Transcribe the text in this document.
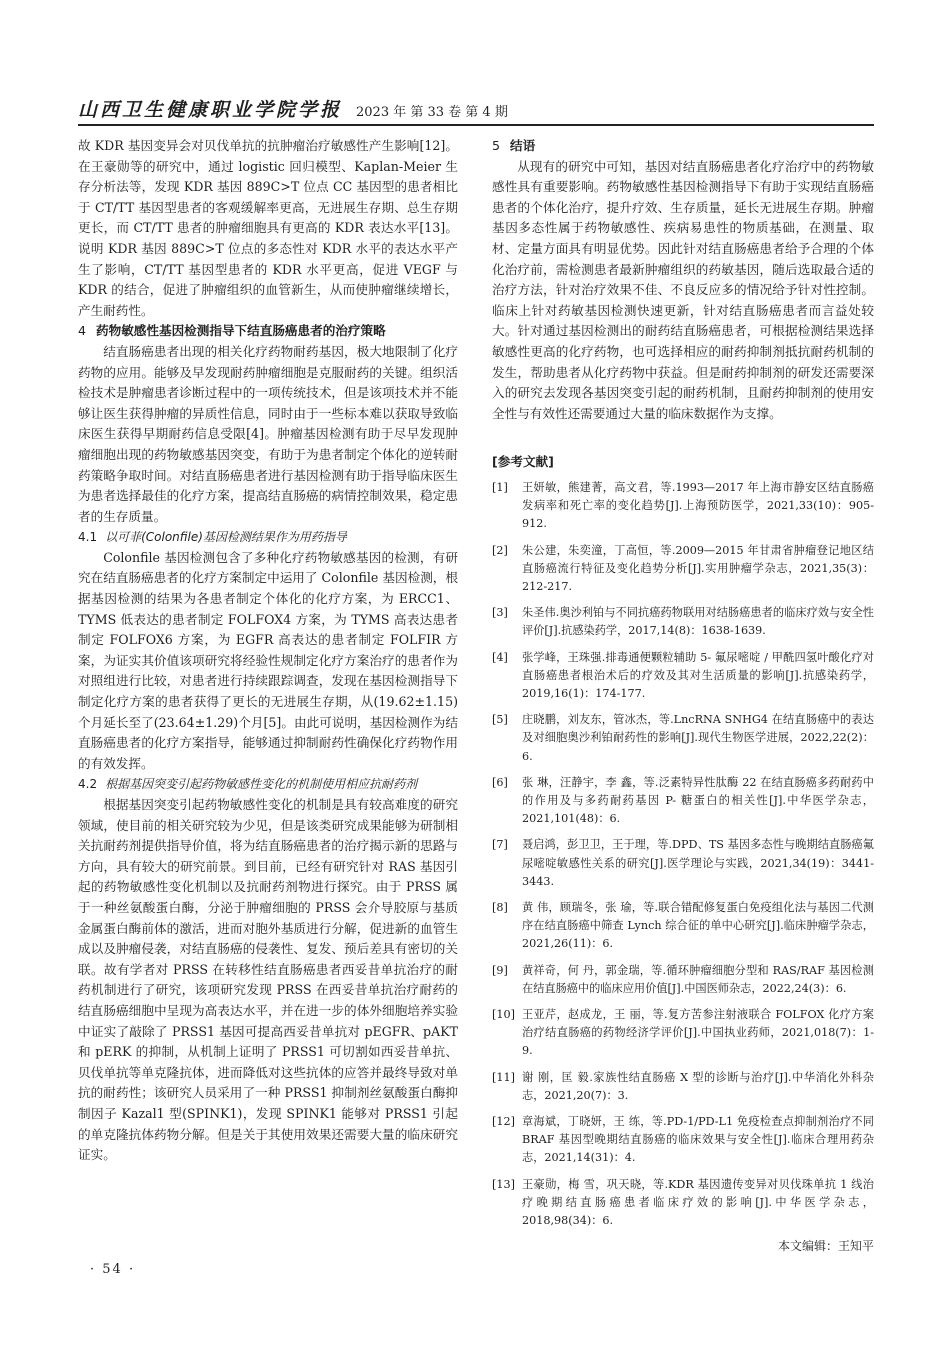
山西卫生健康职业学院学报 2023 年 第 33 卷 第 4 期

故 KDR 基因变异会对贝伐单抗的抗肿瘤治疗敏感性产生影响[12]。在王豪勋等的研究中，通过 logistic 回归模型、Kaplan-Meier 生存分析法等，发现 KDR 基因 889C>T 位点 CC 基因型的患者相比于 CT/TT 基因型患者的客观缓解率更高，无进展生存期、总生存期更长，而 CT/TT 患者的肿瘤细胞具有更高的 KDR 表达水平[13]。说明 KDR 基因 889C>T 位点的多态性对 KDR 水平的表达水平产生了影响，CT/TT 基因型患者的 KDR 水平更高，促进 VEGF 与 KDR 的结合，促进了肿瘤组织的血管新生，从而使肿瘤继续增长，产生耐药性。

4 药物敏感性基因检测指导下结直肠癌患者的治疗策略

结直肠癌患者出现的相关化疗药物耐药基因，极大地限制了化疗药物的应用。能够及早发现耐药肿瘤细胞是克服耐药的关键。组织活检技术是肿瘤患者诊断过程中的一项传统技术，但是该项技术并不能够让医生获得肿瘤的异质性信息，同时由于一些标本难以获取导致临床医生获得早期耐药信息受限[4]。肿瘤基因检测有助于尽早发现肿瘤细胞出现的药物敏感基因突变，有助于为患者制定个体化的逆转耐药策略争取时间。对结直肠癌患者进行基因检测有助于指导临床医生为患者选择最佳的化疗方案，提高结直肠癌的病情控制效果，稳定患者的生存质量。

4.1 以可菲(Colonfile)基因检测结果作为用药指导

Colonfile 基因检测包含了多种化疗药物敏感基因的检测，有研究在结直肠癌患者的化疗方案制定中运用了 Colonfile 基因检测，根据基因检测的结果为各患者制定个体化的化疗方案，为 ERCC1、TYMS 低表达的患者制定 FOLFOX4 方案，为 TYMS 高表达患者制定 FOLFOX6 方案，为 EGFR 高表达的患者制定 FOLFIR 方案，为证实其价值该项研究将经验性规制定化疗方案治疗的患者作为对照组进行比较，对患者进行持续跟踪调查，发现在基因检测指导下制定化疗方案的患者获得了更长的无进展生存期，从(19.62±1.15)个月延长至了(23.64±1.29)个月[5]。由此可说明，基因检测作为结直肠癌患者的化疗方案指导，能够通过抑制耐药性确保化疗药物作用的有效发挥。

4.2 根据基因突变引起药物敏感性变化的机制使用相应抗耐药剂

根据基因突变引起药物敏感性变化的机制是具有较高难度的研究领域，使目前的相关研究较为少见，但是该类研究成果能够为研制相关抗耐药剂提供指导价值，将为结直肠癌患者的治疗揭示新的思路与方向，具有较大的研究前景。到目前，已经有研究针对 RAS 基因引起的药物敏感性变化机制以及抗耐药剂物进行探究。由于 PRSS 属于一种丝氨酸蛋白酶，分泌于肿瘤细胞的 PRSS 会介导胶原与基质金属蛋白酶前体的激活，进而对胞外基质进行分解，促进新的血管生成以及肿瘤侵袭，对结直肠癌的侵袭性、复发、预后差具有密切的关联。故有学者对 PRSS 在转移性结直肠癌患者西妥昔单抗治疗的耐药机制进行了研究，该项研究发现 PRSS 在西妥昔单抗治疗耐药的结直肠癌细胞中呈现为高表达水平，并在进一步的体外细胞培养实验中证实了敲除了 PRSS1 基因可提高西妥昔单抗对 pEGFR、pAKT 和 pERK 的抑制，从机制上证明了 PRSS1 可切割如西妥昔单抗、贝伐单抗等单克隆抗体，进而降低对这些抗体的应答并最终导致对单抗的耐药性；该研究人员采用了一种 PRSS1 抑制剂丝氨酸蛋白酶抑制因子 Kazal1 型(SPINK1)，发现 SPINK1 能够对 PRSS1 引起的单克隆抗体药物分解。但是关于其使用效果还需要大量的临床研究证实。

5 结语

从现有的研究中可知，基因对结直肠癌患者化疗治疗中的药物敏感性具有重要影响。药物敏感性基因检测指导下有助于实现结直肠癌患者的个体化治疗，提升疗效、生存质量，延长无进展生存期。肿瘤基因多态性属于药物敏感性、疾病易患性的物质基础，在测量、取材、定量方面具有明显优势。因此针对结直肠癌患者给予合理的个体化治疗前，需检测患者最新肿瘤组织的药敏基因，随后选取最合适的治疗方法，针对治疗效果不佳、不良反应多的情况给予针对性控制。临床上针对药敏基因检测快速更新，针对结直肠癌患者而言益处较大。针对通过基因检测出的耐药结直肠癌患者，可根据检测结果选择敏感性更高的化疗药物，也可选择相应的耐药抑制剂抵抗耐药机制的发生，帮助患者从化疗药物中获益。但是耐药抑制剂的研发还需要深入的研究去发现各基因突变引起的耐药机制，且耐药抑制剂的使用安全性与有效性还需要通过大量的临床数据作为支撑。

[参考文献]
[1]	王妍敏，熊建菁，高文君，等.1993—2017 年上海市静安区结直肠癌发病率和死亡率的变化趋势[J].上海预防医学，2021,33(10)：905-912.
[2]	朱公建，朱奕潼，丁高恒，等.2009—2015 年甘肃省肿瘤登记地区结直肠癌流行特征及变化趋势分析[J].实用肿瘤学杂志，2021,35(3)：212-217.
[3]	朱圣伟.奥沙利铂与不同抗癌药物联用对结肠癌患者的临床疗效与安全性评价[J].抗感染药学，2017,14(8)：1638-1639.
[4]	张学峰，王珠强.排毒通便颗粒辅助 5- 氟尿嘧啶 / 甲酰四氢叶酸化疗对直肠癌患者根治术后的疗效及其对生活质量的影响[J].抗感染药学，2019,16(1)：174-177.
[5]	庄晓鹏，刘友东，管冰杰，等.LncRNA SNHG4 在结直肠癌中的表达及对细胞奥沙利铂耐药性的影响[J].现代生物医学进展，2022,22(2)：6.
[6]	张 琳，汪静宇，李 鑫，等.泛素特异性肽酶 22 在结直肠癌多药耐药中的作用及与多药耐药基因 P- 糖蛋白的相关性[J].中华医学杂志，2021,101(48)：6.
[7]	聂启鸿，彭卫卫，王于理，等.DPD、TS 基因多态性与晚期结直肠癌氟尿嘧啶敏感性关系的研究[J].医学理论与实践，2021,34(19)：3441-3443.
[8]	黄 伟，顾瑞冬，张 瑜，等.联合错配修复蛋白免疫组化法与基因二代测序在结直肠癌中筛查 Lynch 综合征的单中心研究[J].临床肿瘤学杂志，2021,26(11)：6.
[9]	黄祥奇，何 丹，郭金瑞，等.循环肿瘤细胞分型和 RAS/RAF 基因检测在结直肠癌中的临床应用价值[J].中国医师杂志，2022,24(3)：6.
[10] 王亚芹，赵成龙，王 丽，等.复方苦参注射液联合 FOLFOX 化疗方案治疗结直肠癌的药物经济学评价[J].中国执业药师，2021,018(7)：1-9.
[11] 谢 刚，匡 毅.家族性结直肠癌 X 型的诊断与治疗[J].中华消化外科杂志，2021,20(7)：3.
[12] 章海斌，丁晓妍，王 练，等.PD-1/PD-L1 免疫检查点抑制剂治疗不同 BRAF 基因型晚期结直肠癌的临床效果与安全性[J].临床合理用药杂志，2021,14(31)：4.
[13] 王豪勋，梅 雪，巩天晓，等.KDR 基因遗传变异对贝伐珠单抗 1 线治疗晚期结直肠癌患者临床疗效的影响[J].中华医学杂志，2018,98(34)：6.
本文编辑：王知平
· 54 ·
